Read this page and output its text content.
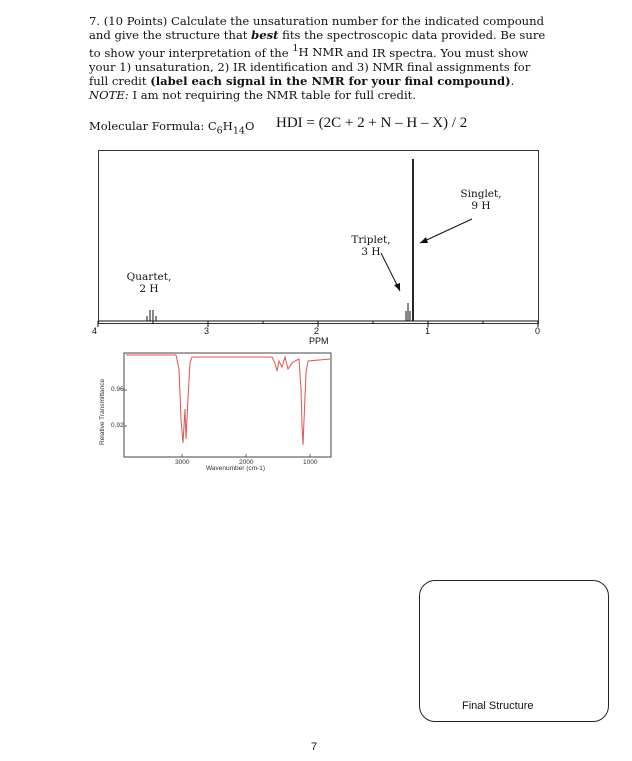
7. (10 Points) Calculate the unsaturation number for the indicated compound and give the structure that best fits the spectroscopic data provided. Be sure to show your interpretation of the $^1$H NMR and IR spectra. You must show your 1) unsaturation, 2) IR identification and 3) NMR final assignments for full credit (label each signal in the NMR for your final compound). NOTE: I am not requiring the NMR table for full credit.
Molecular Formula: $C_6H_{14}O$ HDI = (2C + 2 + N – H – X) / 2
Quartet,
2 H
Triplet,
3 H
Singlet,
9 H
4	3	2	1	0
PPM
Relative Transmittance 0.96
0.92
3000	2000	1000
Wavenumber (cm-1)
Final Structure
7
